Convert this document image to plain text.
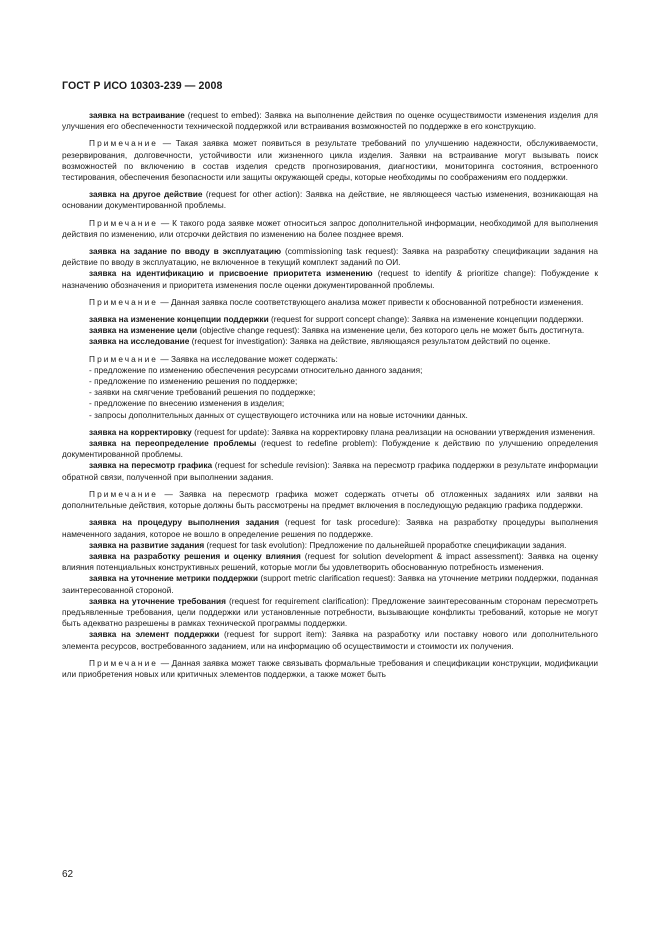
ГОСТ Р ИСО 10303-239 — 2008

заявка на встраивание (request to embed): Заявка на выполнение действия по оценке осуществимости изменения изделия для улучшения его обеспеченности технической поддержкой или встраивания возможностей по поддержке в его конструкцию.

Примечание — Такая заявка может появиться в результате требований по улучшению надежности, обслуживаемости, резервирования, долговечности, устойчивости или жизненного цикла изделия. Заявки на встраивание могут вызывать поиск возможностей по включению в состав изделия средств прогнозирования, диагностики, мониторинга состояния, встроенного тестирования, обеспечения безопасности или защиты окружающей среды, которые необходимы по соображениям его поддержки.

заявка на другое действие (request for other action): Заявка на действие, не являющееся частью изменения, возникающая на основании документированной проблемы.

Примечание — К такого рода заявке может относиться запрос дополнительной информации, необходимой для выполнения действия по изменению, или отсрочки действия по изменению на более позднее время.

заявка на задание по вводу в эксплуатацию (commissioning task request): Заявка на разработку спецификации задания на действие по вводу в эксплуатацию, не включенное в текущий комплект заданий по ОИ.

заявка на идентификацию и присвоение приоритета изменению (request to identify & prioritize change): Побуждение к назначению обозначения и приоритета изменения после оценки документированной проблемы.

Примечание — Данная заявка после соответствующего анализа может привести к обоснованной потребности изменения.

заявка на изменение концепции поддержки (request for support concept change): Заявка на изменение концепции поддержки.

заявка на изменение цели (objective change request): Заявка на изменение цели, без которого цель не может быть достигнута.

заявка на исследование (request for investigation): Заявка на действие, являющаяся результатом действий по оценке.

Примечание — Заявка на исследование может содержать:

- предложение по изменению обеспечения ресурсами относительно данного задания;
- предложение по изменению решения по поддержке;
- заявки на смягчение требований решения по поддержке;
- предложение по внесению изменения в изделия;
- запросы дополнительных данных от существующего источника или на новые источники данных.

заявка на корректировку (request for update): Заявка на корректировку плана реализации на основании утверждения изменения.

заявка на переопределение проблемы (request to redefine problem): Побуждение к действию по улучшению определения документированной проблемы.

заявка на пересмотр графика (request for schedule revision): Заявка на пересмотр графика поддержки в результате информации обратной связи, полученной при выполнении задания.

Примечание — Заявка на пересмотр графика может содержать отчеты об отложенных заданиях или заявки на дополнительные действия, которые должны быть рассмотрены на предмет включения в последующую редакцию графика поддержки.

заявка на процедуру выполнения задания (request for task procedure): Заявка на разработку процедуры выполнения намеченного задания, которое не вошло в определение решения по поддержке.

заявка на развитие задания (request for task evolution): Предложение по дальнейшей проработке спецификации задания.

заявка на разработку решения и оценку влияния (request for solution development & impact assessment): Заявка на оценку влияния потенциальных конструктивных решений, которые могли бы удовлетворить обоснованную потребность изменения.

заявка на уточнение метрики поддержки (support metric clarification request): Заявка на уточнение метрики поддержки, поданная заинтересованной стороной.

заявка на уточнение требования (request for requirement clarification): Предложение заинтересованным сторонам пересмотреть предъявленные требования, цели поддержки или установленные потребности, вызывающие конфликты требований, которые не могут быть адекватно разрешены в рамках технической программы поддержки.

заявка на элемент поддержки (request for support item): Заявка на разработку или поставку нового или дополнительного элемента ресурсов, востребованного заданием, или на информацию об осуществимости и стоимости их получения.

Примечание — Данная заявка может также связывать формальные требования и спецификации конструкции, модификации или приобретения новых или критичных элементов поддержки, а также может быть

62
